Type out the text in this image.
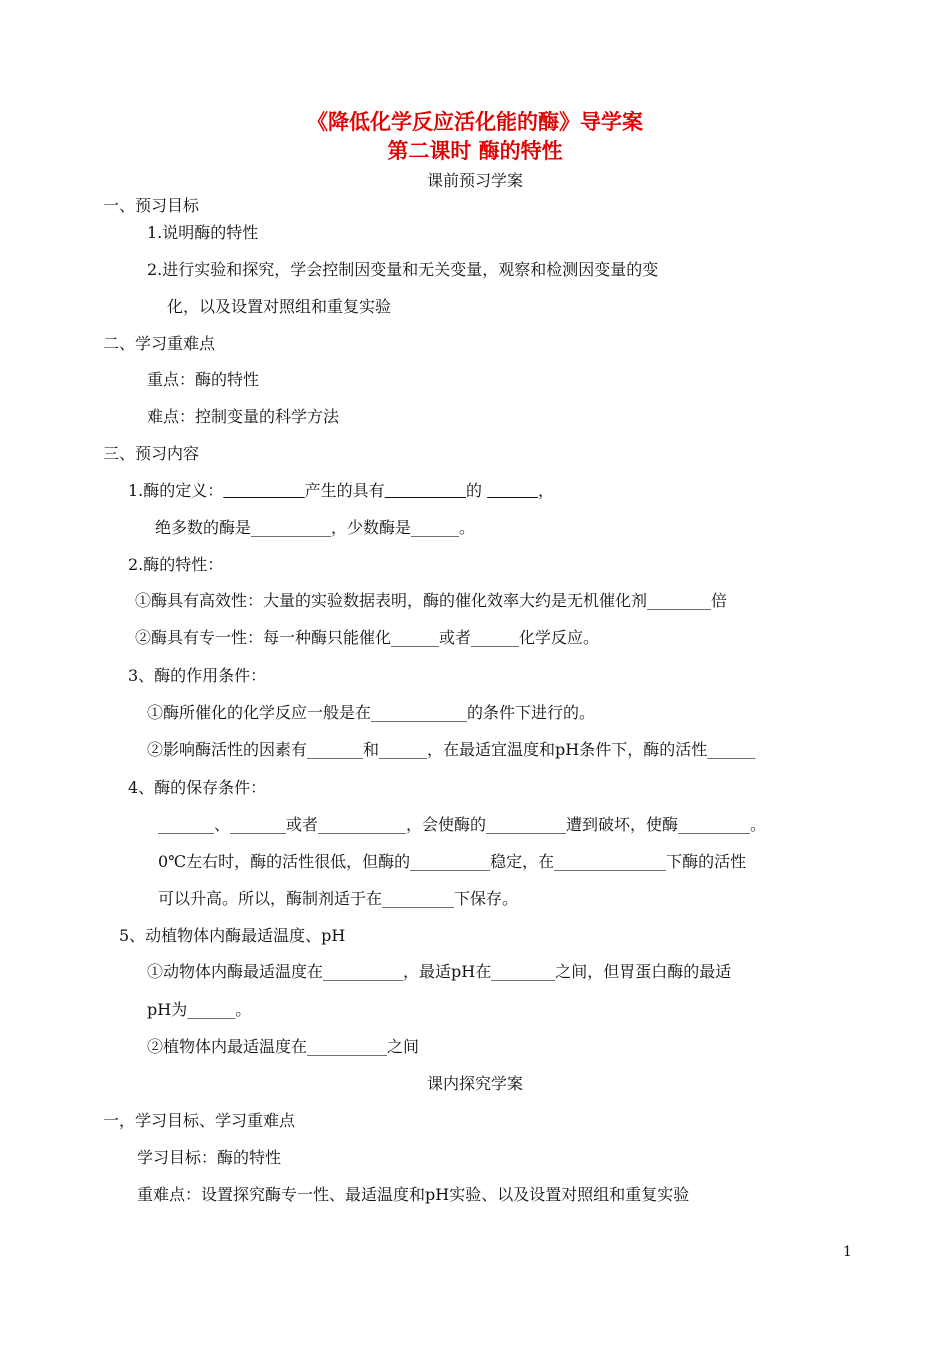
《降低化学反应活化能的酶》导学案
第二课时 酶的特性
课前预习学案
一、预习目标
1.说明酶的特性
2.进行实验和探究，学会控制因变量和无关变量，观察和检测因变量的变
化，以及设置对照组和重复实验
二、学习重难点
重点：酶的特性
难点：控制变量的科学方法
三、预习内容
1.酶的定义：	产生的具有	的	，
绝多数的酶是__________，少数酶是______。
2.酶的特性：
①酶具有高效性：大量的实验数据表明，酶的催化效率大约是无机催化剂________倍
②酶具有专一性：每一种酶只能催化______或者______化学反应。
3、酶的作用条件：
①酶所催化的化学反应一般是在____________的条件下进行的。
②影响酶活性的因素有_______和______，在最适宜温度和pH条件下，酶的活性______
4、酶的保存条件：
_______、_______或者___________，会使酶的__________遭到破坏，使酶_________。
0℃左右时，酶的活性很低，但酶的__________稳定，在______________下酶的活性
可以升高。所以，酶制剂适于在_________下保存。
5、动植物体内酶最适温度、pH
①动物体内酶最适温度在__________，最适pH在________之间，但胃蛋白酶的最适
pH为______。
②植物体内最适温度在__________之间
课内探究学案
一，学习目标、学习重难点
学习目标：酶的特性
重难点：设置探究酶专一性、最适温度和pH实验、以及设置对照组和重复实验
1
